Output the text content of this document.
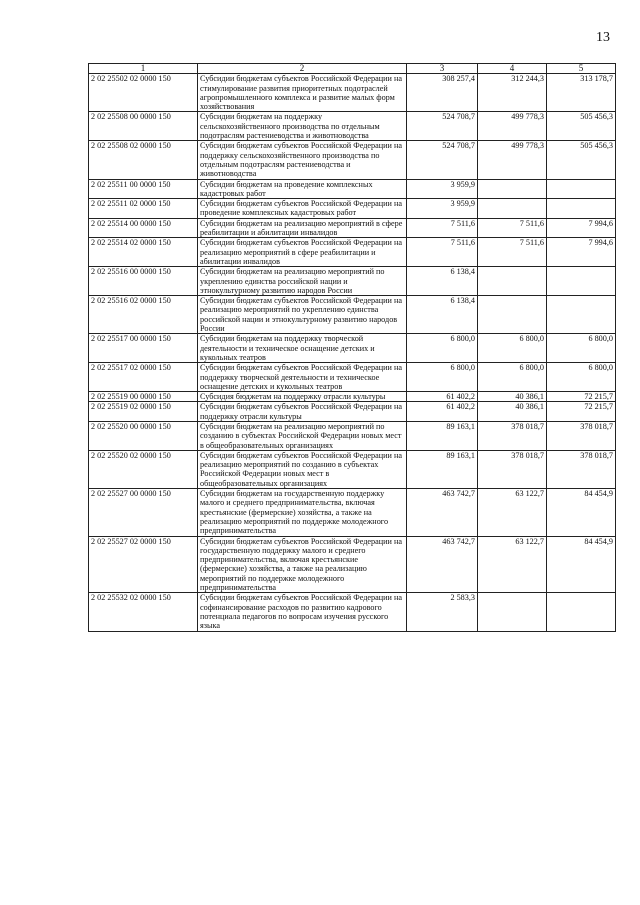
13
1	2	3	4	5
2 02 25502 02 0000 150	Субсидии бюджетам субъектов Российской Федерации на стимулирование развития приоритетных подотраслей агропромышленного комплекса и развитие малых форм хозяйствования	308 257,4	312 244,3	313 178,7
2 02 25508 00 0000 150	Субсидии бюджетам на поддержку сельскохозяйственного производства по отдельным подотраслям растениеводства и животноводства	524 708,7	499 778,3	505 456,3
2 02 25508 02 0000 150	Субсидии бюджетам субъектов Российской Федерации на поддержку сельскохозяйственного производства по отдельным подотраслям растениеводства и животноводства	524 708,7	499 778,3	505 456,3
2 02 25511 00 0000 150	Субсидии бюджетам на проведение комплексных кадастровых работ	3 959,9		
2 02 25511 02 0000 150	Субсидии бюджетам субъектов Российской Федерации на проведение комплексных кадастровых работ	3 959,9		
2 02 25514 00 0000 150	Субсидии бюджетам на реализацию мероприятий в сфере реабилитации и абилитации инвалидов	7 511,6	7 511,6	7 994,6
2 02 25514 02 0000 150	Субсидии бюджетам субъектов Российской Федерации на реализацию мероприятий в сфере реабилитации и абилитации инвалидов	7 511,6	7 511,6	7 994,6
2 02 25516 00 0000 150	Субсидии бюджетам на реализацию мероприятий по укреплению единства российской нации и этнокультурному развитию народов России	6 138,4		
2 02 25516 02 0000 150	Субсидии бюджетам субъектов Российской Федерации на реализацию мероприятий по укреплению единства российской нации и этнокультурному развитию народов России	6 138,4		
2 02 25517 00 0000 150	Субсидии бюджетам на поддержку творческой деятельности и техническое оснащение детских и кукольных театров	6 800,0	6 800,0	6 800,0
2 02 25517 02 0000 150	Субсидии бюджетам субъектов Российской Федерации на поддержку творческой деятельности и техническое оснащение детских и кукольных театров	6 800,0	6 800,0	6 800,0
2 02 25519 00 0000 150	Субсидия бюджетам на поддержку отрасли культуры	61 402,2	40 386,1	72 215,7
2 02 25519 02 0000 150	Субсидии бюджетам субъектов Российской Федерации на поддержку отрасли культуры	61 402,2	40 386,1	72 215,7
2 02 25520 00 0000 150	Субсидии бюджетам на реализацию мероприятий по созданию в субъектах Российской Федерации новых мест в общеобразовательных организациях	89 163,1	378 018,7	378 018,7
2 02 25520 02 0000 150	Субсидии бюджетам субъектов Российской Федерации на реализацию мероприятий по созданию в субъектах Российской Федерации новых мест в общеобразовательных организациях	89 163,1	378 018,7	378 018,7
2 02 25527 00 0000 150	Субсидии бюджетам на государственную поддержку малого и среднего предпринимательства, включая крестьянские (фермерские) хозяйства, а также на реализацию мероприятий по поддержке молодежного предпринимательства	463 742,7	63 122,7	84 454,9
2 02 25527 02 0000 150	Субсидии бюджетам субъектов Российской Федерации на государственную поддержку малого и среднего предпринимательства, включая крестьянские (фермерские) хозяйства, а также на реализацию мероприятий по поддержке молодежного предпринимательства	463 742,7	63 122,7	84 454,9
2 02 25532 02 0000 150	Субсидии бюджетам субъектов Российской Федерации на софинансирование расходов по развитию кадрового потенциала педагогов по вопросам изучения русского языка	2 583,3		
